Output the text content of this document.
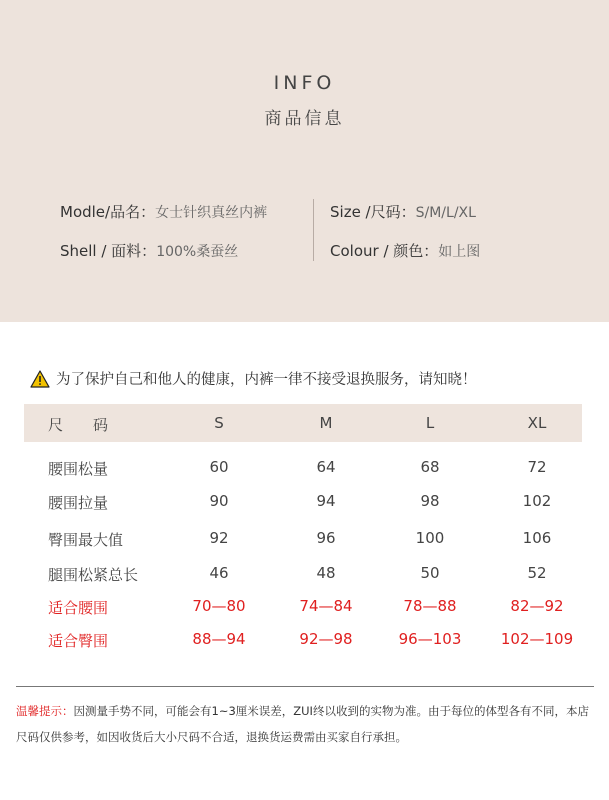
INFO
商品信息
Modle/品名：女士针织真丝内裤
Shell / 面料：100%桑蚕丝
Size /尺码：S/M/L/XL
Colour / 颜色：如上图
为了保护自己和他人的健康，内裤一律不接受退换服务，请知晓！
尺　　码	S	M	L	XL
腰围松量	60	64	68	72
腰围拉量	90	94	98	102
臀围最大值	92	96	100	106
腿围松紧总长	46	48	50	52
适合腰围	70—80	74—84	78—88	82—92
适合臀围	88—94	92—98	96—103	102—109
温馨提示：因测量手势不同，可能会有1~3厘米误差，ZUI终以收到的实物为准。由于每位的体型各有不同，本店尺码仅供参考，如因收货后大小尺码不合适，退换货运费需由买家自行承担。
